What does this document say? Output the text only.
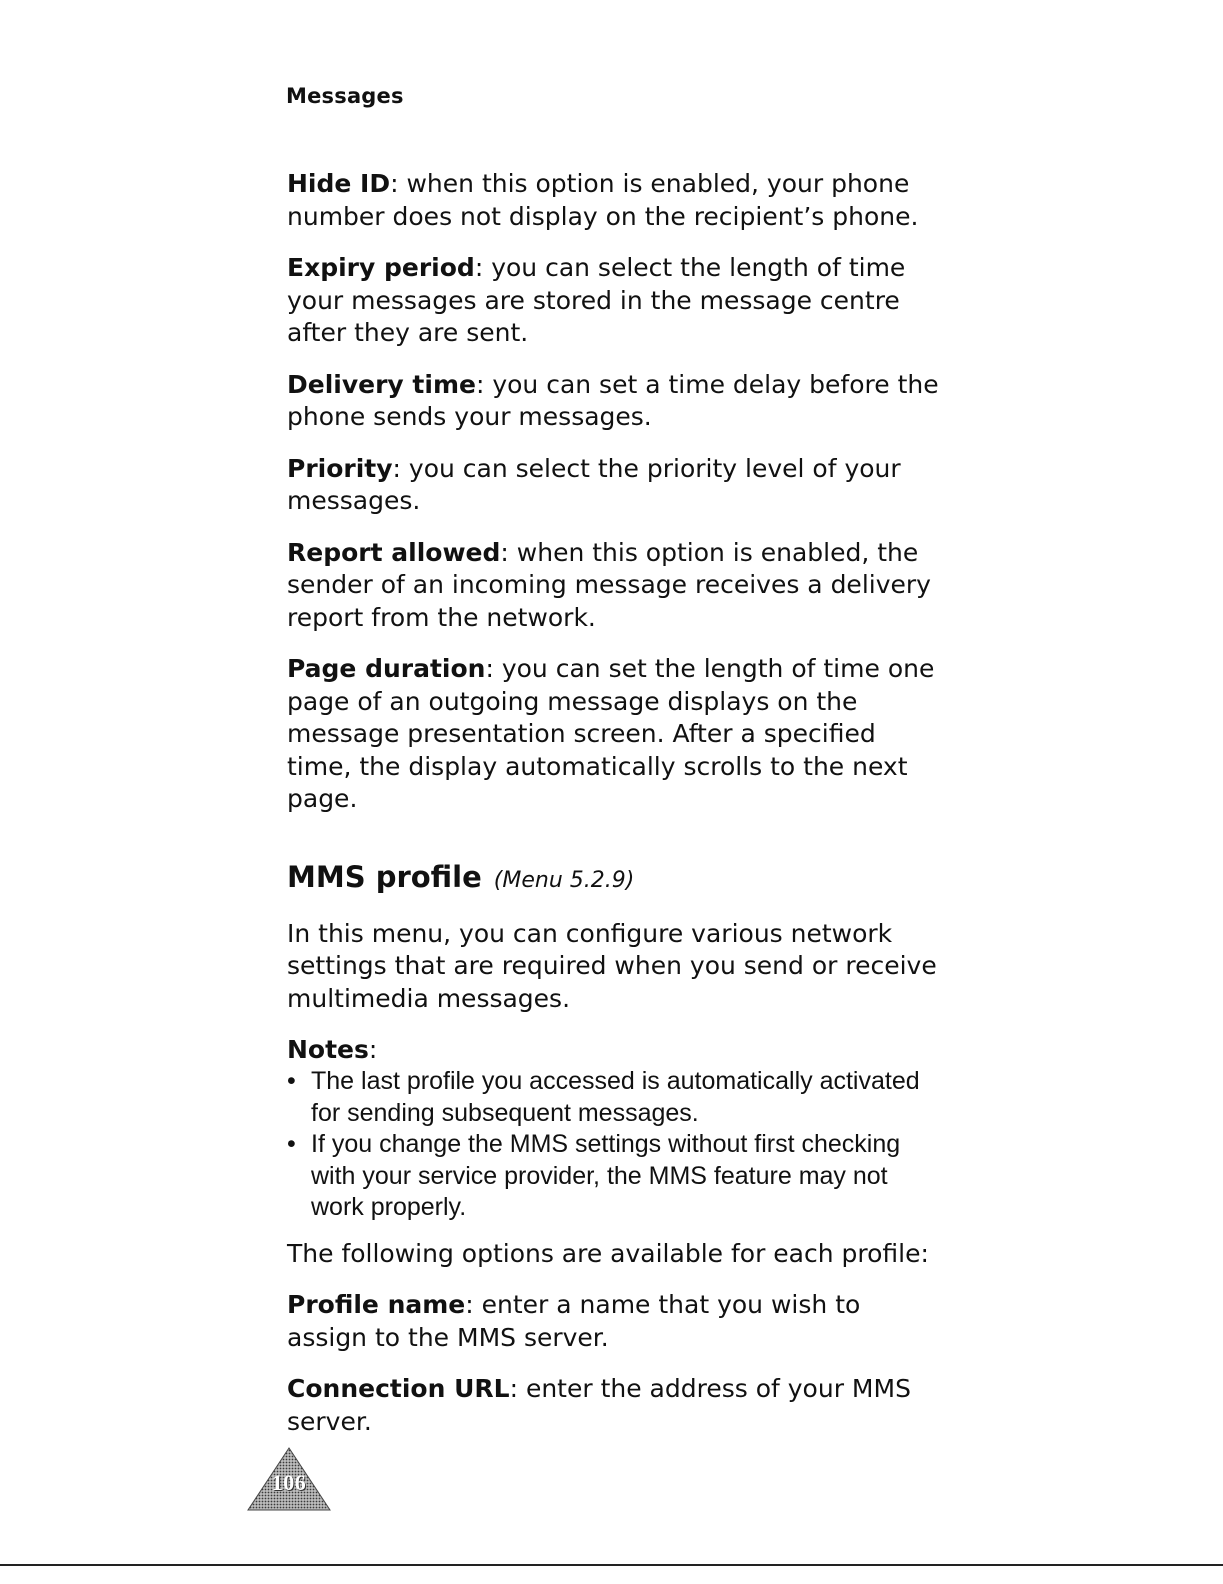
Messages

Hide ID: when this option is enabled, your phone number does not display on the recipient’s phone.

Expiry period: you can select the length of time your messages are stored in the message centre after they are sent.

Delivery time: you can set a time delay before the phone sends your messages.

Priority: you can select the priority level of your messages.

Report allowed: when this option is enabled, the sender of an incoming message receives a delivery report from the network.

Page duration: you can set the length of time one page of an outgoing message displays on the message presentation screen. After a specified time, the display automatically scrolls to the next page.

MMS profile (Menu 5.2.9)

In this menu, you can configure various network settings that are required when you send or receive multimedia messages.

Notes:

• The last profile you accessed is automatically activated for sending subsequent messages.
• If you change the MMS settings without first checking with your service provider, the MMS feature may not work properly.

The following options are available for each profile:

Profile name: enter a name that you wish to assign to the MMS server.

Connection URL: enter the address of your MMS server.

106
